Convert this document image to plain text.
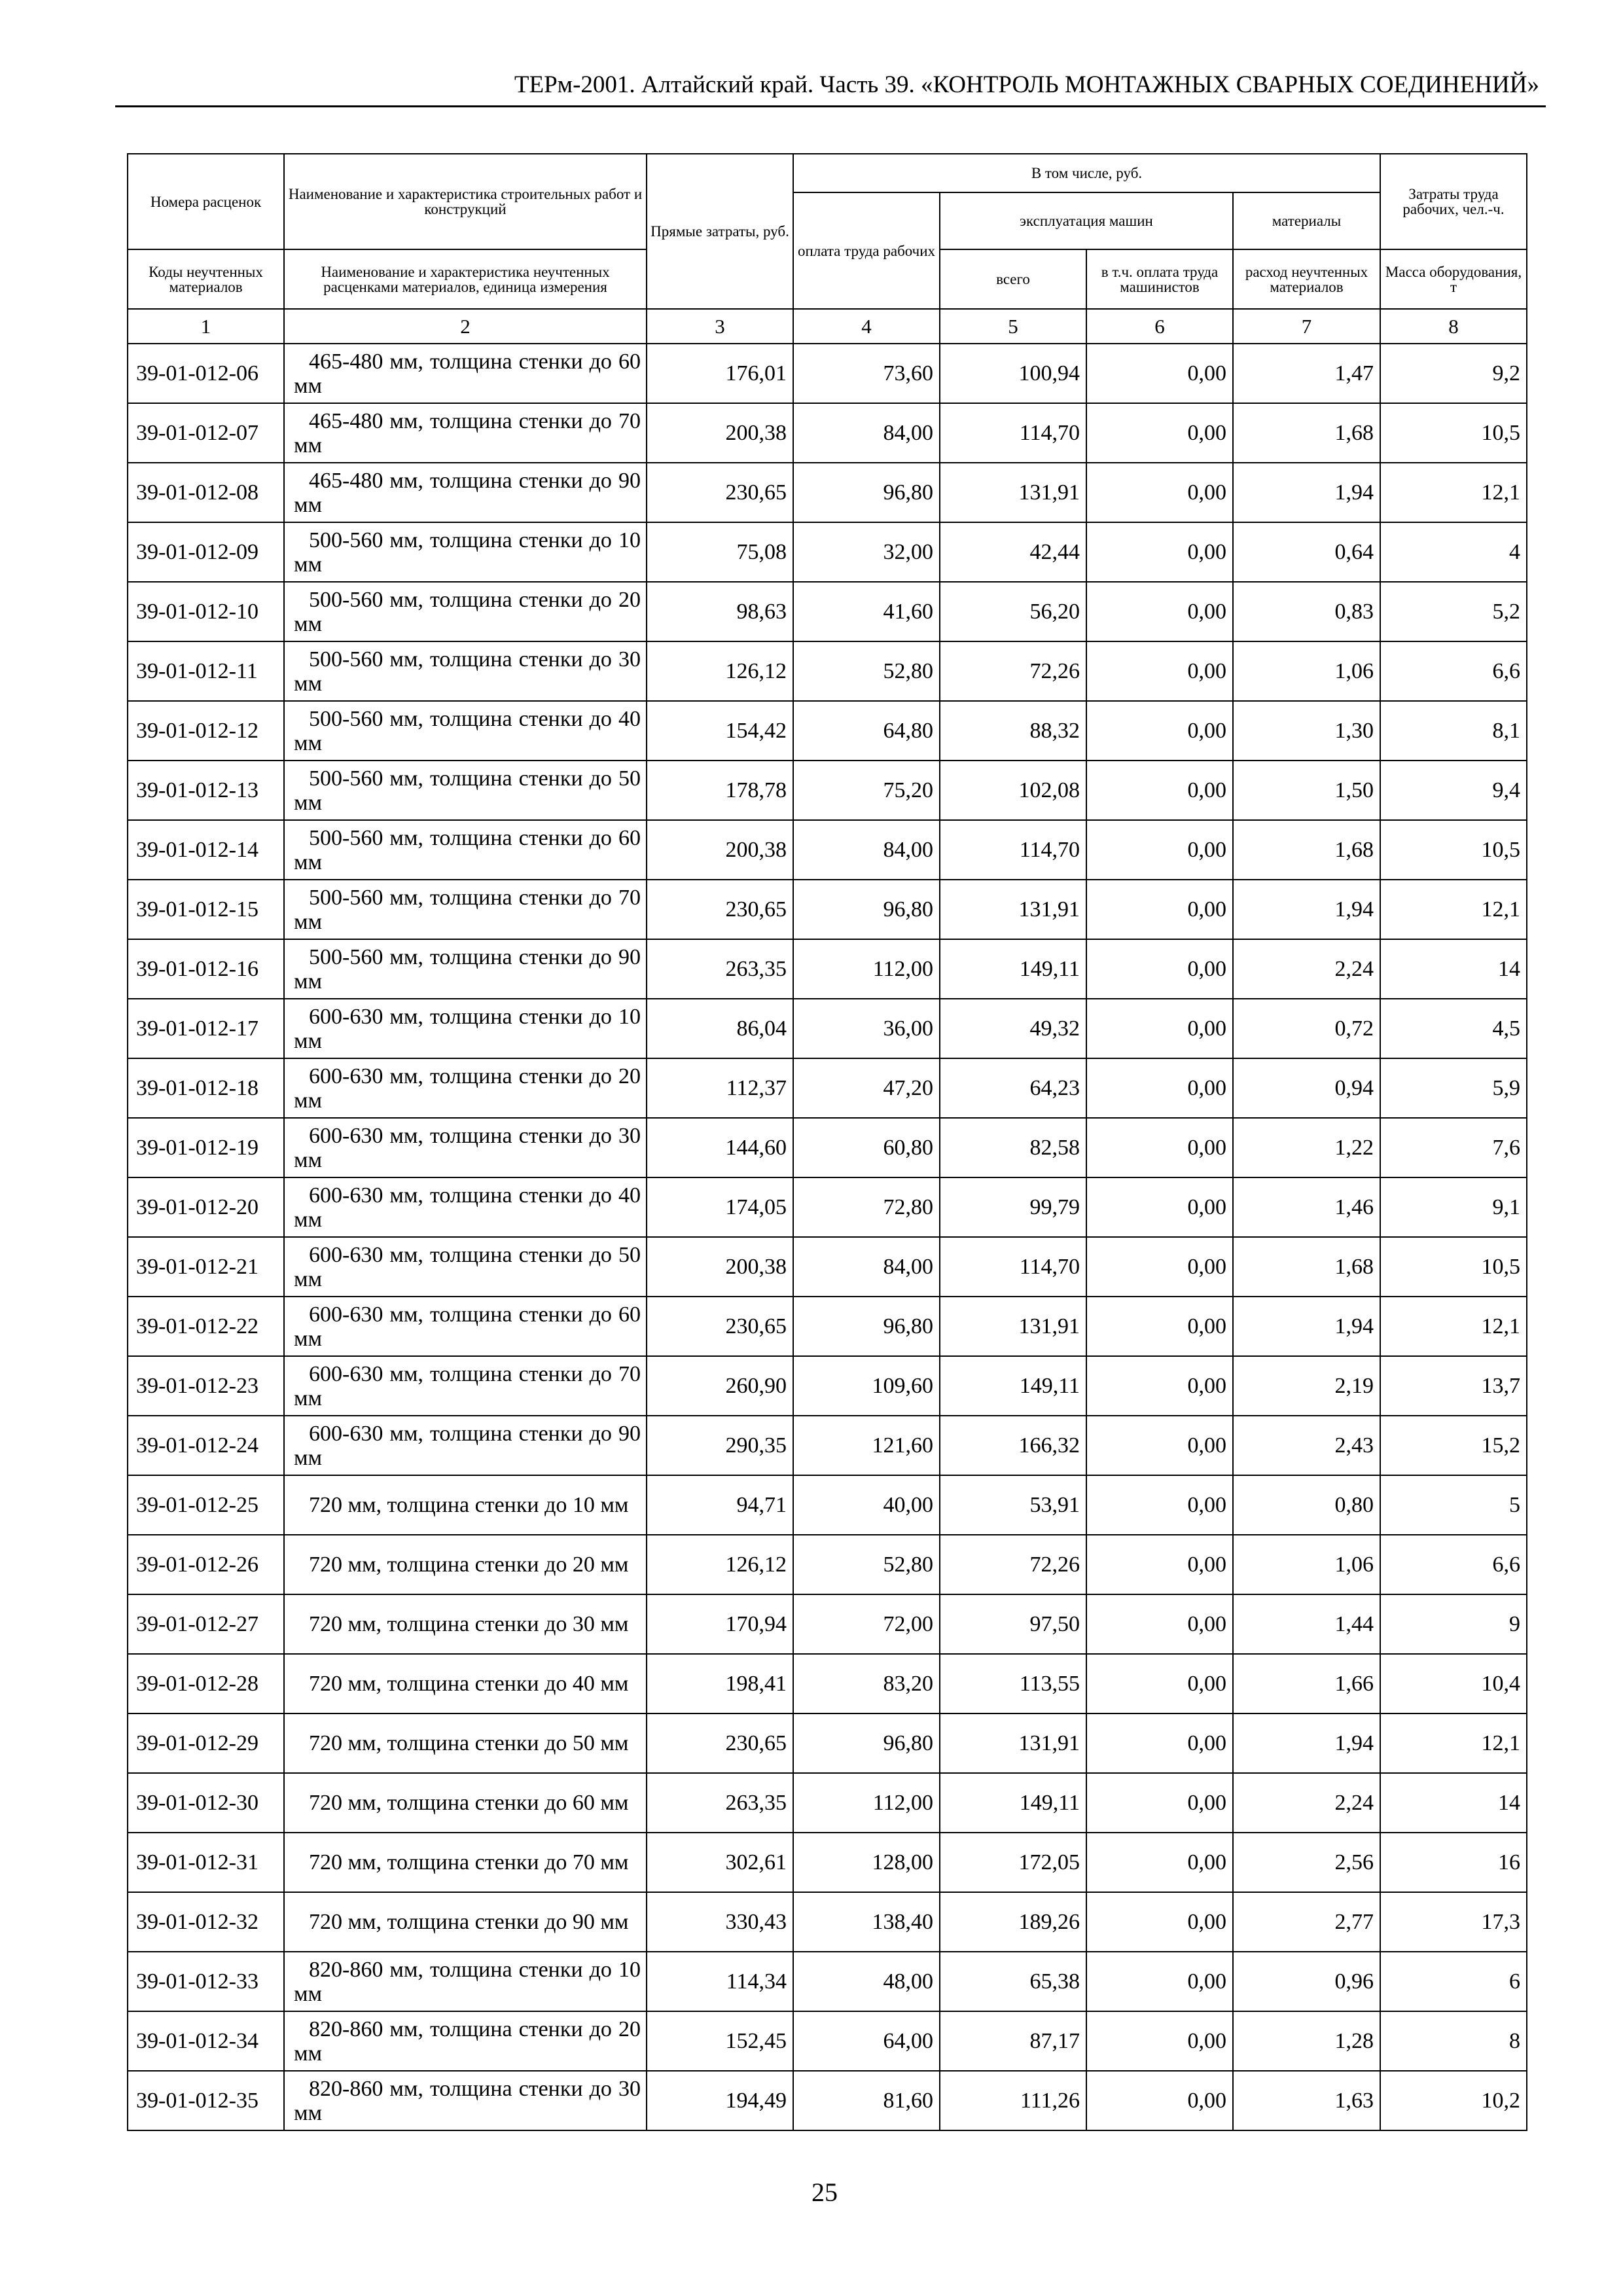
ТЕРм-2001. Алтайский край. Часть 39. «КОНТРОЛЬ МОНТАЖНЫХ СВАРНЫХ СОЕДИНЕНИЙ»
Номера расценок	Наименование и характеристика строительных работ и конструкций	Прямые затраты, руб.	В том числе, руб.				Затраты труда рабочих, чел.-ч.
			оплата труда рабочих	эксплуатация машин		материалы	
Коды неучтенных материалов	Наименование и характеристика неучтенных расценками материалов, единица измерения			всего	в т.ч. оплата труда машинистов	расход неучтенных материалов	Масса оборудования, т
1	2	3	4	5	6	7	8
39-01-012-06	465-480 мм, толщина стенки до 60 мм	176,01	73,60	100,94	0,00	1,47	9,2
39-01-012-07	465-480 мм, толщина стенки до 70 мм	200,38	84,00	114,70	0,00	1,68	10,5
39-01-012-08	465-480 мм, толщина стенки до 90 мм	230,65	96,80	131,91	0,00	1,94	12,1
39-01-012-09	500-560 мм, толщина стенки до 10 мм	75,08	32,00	42,44	0,00	0,64	4
39-01-012-10	500-560 мм, толщина стенки до 20 мм	98,63	41,60	56,20	0,00	0,83	5,2
39-01-012-11	500-560 мм, толщина стенки до 30 мм	126,12	52,80	72,26	0,00	1,06	6,6
39-01-012-12	500-560 мм, толщина стенки до 40 мм	154,42	64,80	88,32	0,00	1,30	8,1
39-01-012-13	500-560 мм, толщина стенки до 50 мм	178,78	75,20	102,08	0,00	1,50	9,4
39-01-012-14	500-560 мм, толщина стенки до 60 мм	200,38	84,00	114,70	0,00	1,68	10,5
39-01-012-15	500-560 мм, толщина стенки до 70 мм	230,65	96,80	131,91	0,00	1,94	12,1
39-01-012-16	500-560 мм, толщина стенки до 90 мм	263,35	112,00	149,11	0,00	2,24	14
39-01-012-17	600-630 мм, толщина стенки до 10 мм	86,04	36,00	49,32	0,00	0,72	4,5
39-01-012-18	600-630 мм, толщина стенки до 20 мм	112,37	47,20	64,23	0,00	0,94	5,9
39-01-012-19	600-630 мм, толщина стенки до 30 мм	144,60	60,80	82,58	0,00	1,22	7,6
39-01-012-20	600-630 мм, толщина стенки до 40 мм	174,05	72,80	99,79	0,00	1,46	9,1
39-01-012-21	600-630 мм, толщина стенки до 50 мм	200,38	84,00	114,70	0,00	1,68	10,5
39-01-012-22	600-630 мм, толщина стенки до 60 мм	230,65	96,80	131,91	0,00	1,94	12,1
39-01-012-23	600-630 мм, толщина стенки до 70 мм	260,90	109,60	149,11	0,00	2,19	13,7
39-01-012-24	600-630 мм, толщина стенки до 90 мм	290,35	121,60	166,32	0,00	2,43	15,2
39-01-012-25	720 мм, толщина стенки до 10 мм	94,71	40,00	53,91	0,00	0,80	5
39-01-012-26	720 мм, толщина стенки до 20 мм	126,12	52,80	72,26	0,00	1,06	6,6
39-01-012-27	720 мм, толщина стенки до 30 мм	170,94	72,00	97,50	0,00	1,44	9
39-01-012-28	720 мм, толщина стенки до 40 мм	198,41	83,20	113,55	0,00	1,66	10,4
39-01-012-29	720 мм, толщина стенки до 50 мм	230,65	96,80	131,91	0,00	1,94	12,1
39-01-012-30	720 мм, толщина стенки до 60 мм	263,35	112,00	149,11	0,00	2,24	14
39-01-012-31	720 мм, толщина стенки до 70 мм	302,61	128,00	172,05	0,00	2,56	16
39-01-012-32	720 мм, толщина стенки до 90 мм	330,43	138,40	189,26	0,00	2,77	17,3
39-01-012-33	820-860 мм, толщина стенки до 10 мм	114,34	48,00	65,38	0,00	0,96	6
39-01-012-34	820-860 мм, толщина стенки до 20 мм	152,45	64,00	87,17	0,00	1,28	8
39-01-012-35	820-860 мм, толщина стенки до 30 мм	194,49	81,60	111,26	0,00	1,63	10,2
25
